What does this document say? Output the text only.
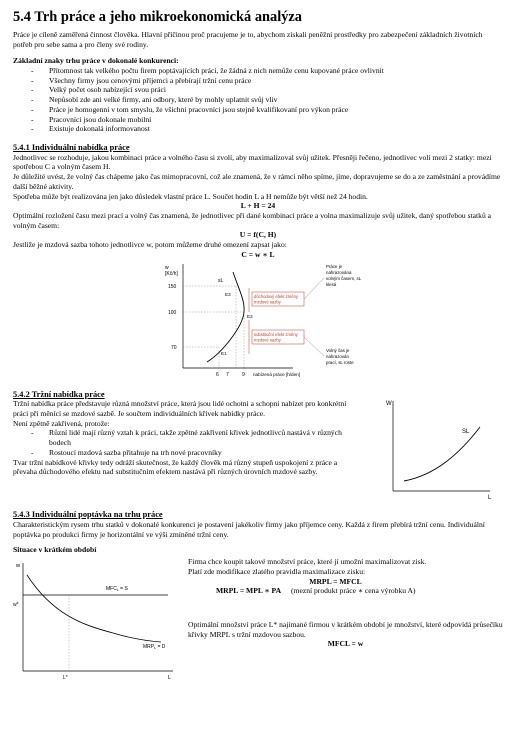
5.4 Trh práce a jeho mikroekonomická analýza

Práce je cíleně zaměřená činnost člověka. Hlavní příčinou proč pracujeme je to, abychom získali peněžní prostředky pro zabezpečení základních životních potřeb pro sebe sama a pro členy své rodiny.

Základní znaky trhu práce v dokonalé konkurenci:

- Přítomnost tak velkého počtu firem poptávajících práci, že žádná z nich nemůže cenu kupované práce ovlivnit
- Všechny firmy jsou cenovými příjemci a přebírají tržní cenu práce
- Velký počet osob nabízející svou práci
- Nepůsobí zde ani velké firmy, ani odbory, které by mohly uplatnit svůj vliv
- Práce je homogenní v tom smyslu, že všichni pracovníci jsou stejně kvalifikovaní pro výkon práce
- Pracovníci jsou dokonale mobilní
- Existuje dokonalá informovanost
5.4.1 Individuální nabídka práce

Jednotlivec se rozhoduje, jakou kombinaci práce a volného času si zvolí, aby maximalizoval svůj užitek. Přesněji řečeno, jednotlivec volí mezi 2 statky: mezi spotřebou C a volným časem H.

Je důležité uvést, že volný čas chápeme jako čas mimopracovní, což ale znamená, že v rámci něho spíme, jíme, dopravujeme se do a ze zaměstnání a provádíme další běžné aktivity.

Spotřeba může být realizována jen jako důsledek vlastní práce L. Součet hodin L a H nemůže být větší než 24 hodin.

L + H = 24

Optimální rozložení času mezi prací a volný čas znamená, že jednotlivec při dané kombinaci práce a volna maximalizuje svůj užitek, daný spotřebou statků a volným časem:

U = f(C, H)

Jestliže je mzdová sazba tohoto jednotlivce w, potom můžeme druhé omezení zapsat jako:

C = w ∗ L

w
[Kč/h]
150
100
70
sL
E3
E2
E1
6 7	9 nabízená práce [h/den]
důchodový efekt změny
mzdové sazby
substituční efekt změny
mzdové sazby
Práce je
nahrazována
volným časem, sL
klesá
Volný čas je
nahrazován
prací, sL roste
5.4.2 Tržní nabídka práce

Tržní nabídka práce představuje různá množství práce, která jsou lidé ochotni a schopni nabízet pro konkrétní práci při měnící se mzdové sazbě. Je součtem individuálních křivek nabídky práce.

Není zpětně zakřivená, protože:

- Různí lidé mají různý vztah k práci, takže zpětné zakřivení křivek jednotlivců nastává v různých bodech
- Rostoucí mzdová sazba přitahuje na trh nové pracovníky

Tvar tržní nabídkové křivky tedy odráží skutečnost, že každý člověk má různý stupeň uspokojení z práce a převaha důchodového efektu nad substitučním efektem nastává při různých úrovních mzdové sazby.

W
SL
L
5.4.3 Individuální poptávka na trhu práce

Charakteristickým rysem trhu statků v dokonalé konkurenci je postavení jakékoliv firmy jako příjemce ceny. Každá z firem přebírá tržní cenu. Individuální poptávka po produkci firmy je horizontální ve výši zmíněné tržní ceny.

Situace v krátkém období

w
$MFC_L = S$
$MRP_L = D$
w*
L*	L

Firma chce koupit takové množství práce, které jí umožní maximalizovat zisk.

Platí zde modifikace zlatého pravidla maximalizace zisku:

MRPL = MFCL

MRPL = MPL ∗ PA (mezní produkt práce ∗ cena výrobku A)

Optimální množství práce L* najímané firmou v krátkém období je množství, které odpovídá průsečíku křivky MRPL s tržní mzdovou sazbou.

MFCL = w
